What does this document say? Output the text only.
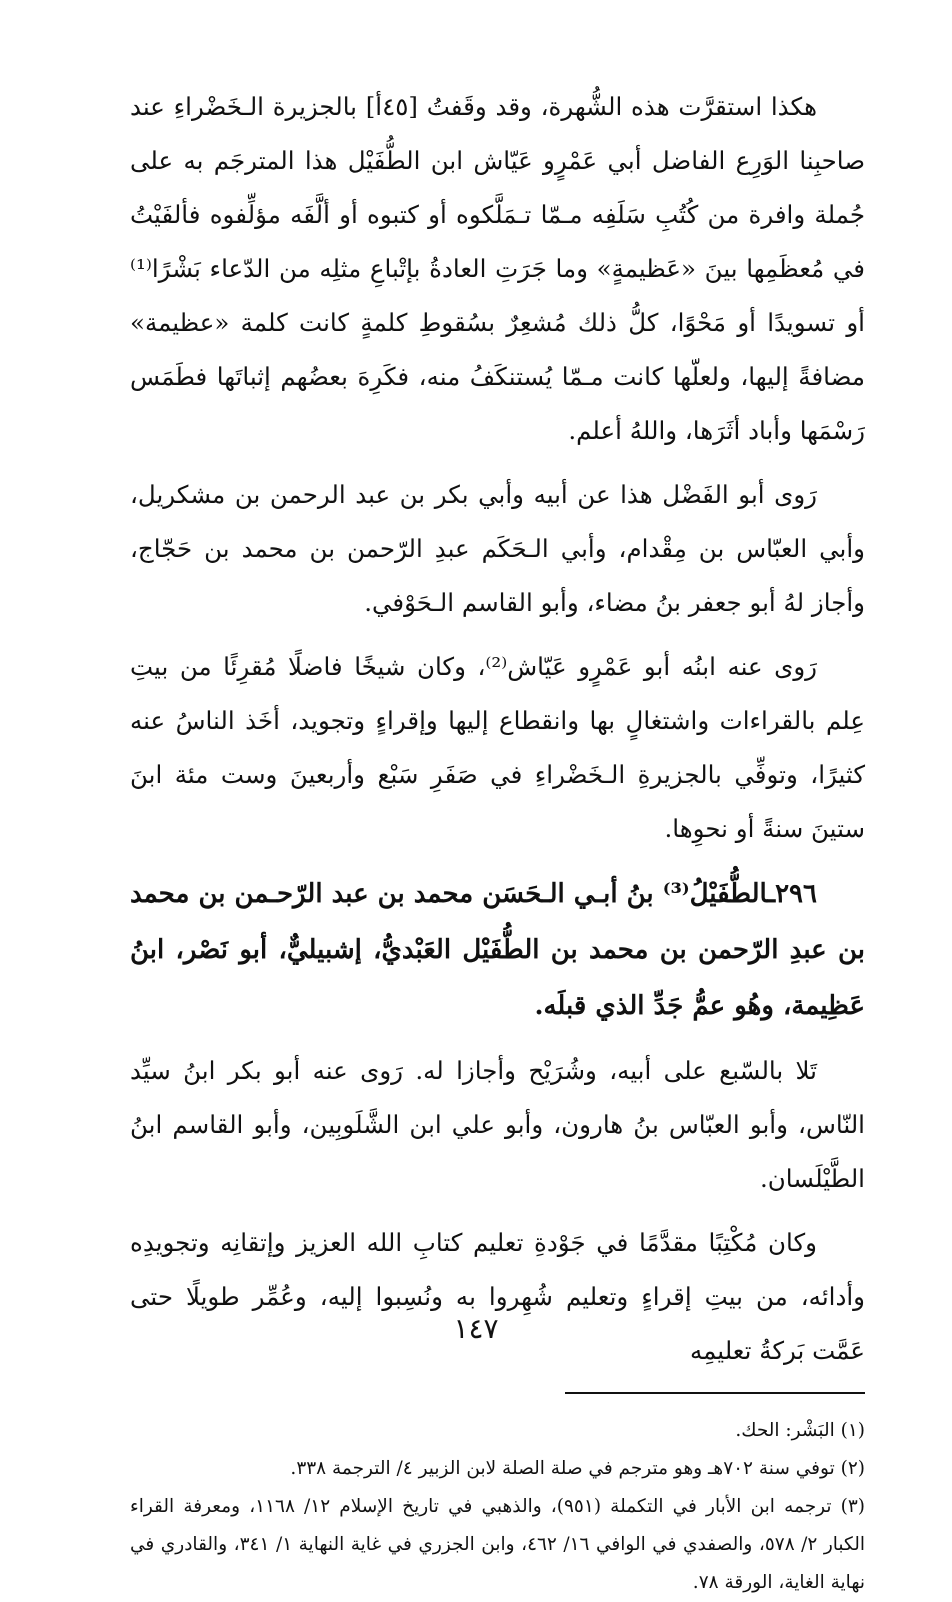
هكذا استقرَّت هذه الشُّهرة، وقد وقَفتُ [٤٥أ] بالجزيرة الـخَضْراءِ عند صاحبِنا الوَرِع الفاضل أبي عَمْرٍو عَيّاش ابن الطُّفَيْل هذا المترجَم به على جُملة وافرة من كُتُبِ سَلَفِه مـمّا تـمَلَّكوه أو كتبوه أو ألَّفَه مؤلِّفوه فألفَيْتُ في مُعظَمِها بينَ «عَظيمةٍ» وما جَرَتِ العادةُ بإتْباعِ مثلِه من الدّعاء بَشْرًا⁽¹⁾ أو تسويدًا أو مَحْوًا، كلُّ ذلك مُشعِرٌ بسُقوطِ كلمةٍ كانت كلمة «عظيمة» مضافةً إليها، ولعلّها كانت مـمّا يُستنكَفُ منه، فكَرِهَ بعضُهم إثباتَها فطَمَس رَسْمَها وأباد أثَرَها، واللهُ أعلم.

رَوى أبو الفَضْل هذا عن أبيه وأبي بكر بن عبد الرحمن بن مشكريل، وأبي العبّاس بن مِقْدام، وأبي الـحَكَم عبدِ الرّحمن بن محمد بن حَجّاج، وأجاز لهُ أبو جعفر بنُ مضاء، وأبو القاسم الـحَوْفي.

رَوى عنه ابنُه أبو عَمْرٍو عَيّاش⁽²⁾، وكان شيخًا فاضلًا مُقرِئًا من بيتِ عِلم بالقراءات واشتغالٍ بها وانقطاع إليها وإقراءٍ وتجويد، أخَذ الناسُ عنه كثيرًا، وتوفِّي بالجزيرةِ الـخَضْراءِ في صَفَرِ سَبْع وأربعينَ وست مئة ابنَ ستينَ سنةً أو نحوِها.

٢٩٦ـالطُّفَيْلُ⁽³⁾ بنُ أبـي الـحَسَن محمد بن عبد الرّحـمن بن محمد بن عبدِ الرّحمن بن محمد بن الطُّفَيْل العَبْديُّ، إشبيليٌّ، أبو نَصْر، ابنُ عَظِيمة، وهُو عمُّ جَدِّ الذي قبلَه.

تَلا بالسّبع على أبيه، وشُرَيْح وأجازا له. رَوى عنه أبو بكر ابنُ سيِّد النّاس، وأبو العبّاس بنُ هارون، وأبو علي ابن الشَّلَوبِين، وأبو القاسم ابنُ الطَّيْلَسان.

وكان مُكْتِبًا مقدَّمًا في جَوْدةِ تعليم كتابِ الله العزيز وإتقانِه وتجويدِه وأدائه، من بيتِ إقراءٍ وتعليم شُهِروا به ونُسِبوا إليه، وعُمِّر طويلًا حتى عَمَّت بَركةُ تعليمِه

(١) البَشْر: الحك.

(٢) توفي سنة ٧٠٢هـ وهو مترجم في صلة الصلة لابن الزبير ٤/ الترجمة ٣٣٨.

(٣) ترجمه ابن الأبار في التكملة (٩٥١)، والذهبي في تاريخ الإسلام ١٢/ ١١٦٨، ومعرفة القراء الكبار ٢/ ٥٧٨، والصفدي في الوافي ١٦/ ٤٦٢، وابن الجزري في غاية النهاية ١/ ٣٤١، والقادري في نهاية الغاية، الورقة ٧٨.

١٤٧
